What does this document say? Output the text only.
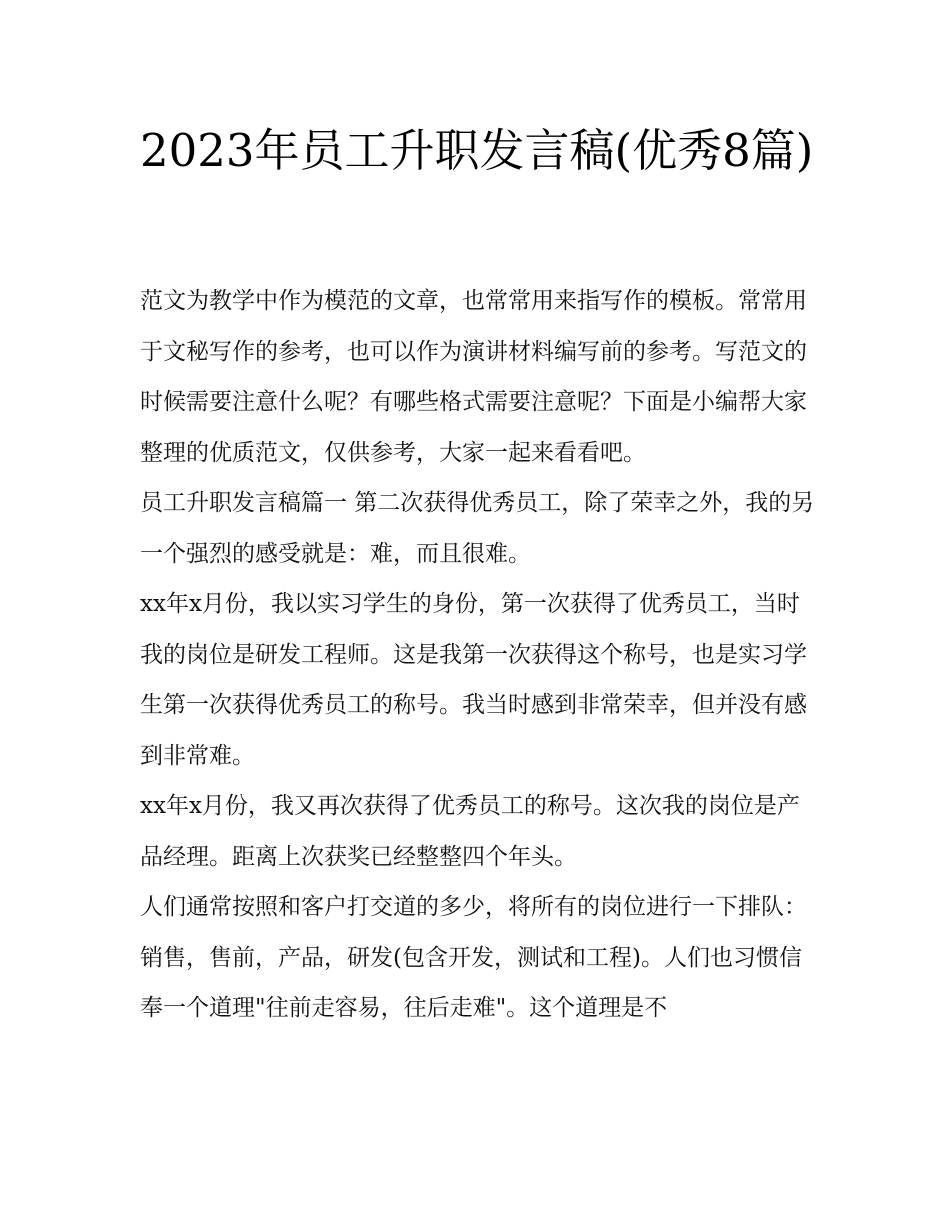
2023年员工升职发言稿(优秀8篇)

范文为教学中作为模范的文章，也常常用来指写作的模板。常常用于文秘写作的参考，也可以作为演讲材料编写前的参考。写范文的时候需要注意什么呢？有哪些格式需要注意呢？下面是小编帮大家整理的优质范文，仅供参考，大家一起来看看吧。

员工升职发言稿篇一 第二次获得优秀员工，除了荣幸之外，我的另一个强烈的感受就是：难，而且很难。

xx年x月份，我以实习学生的身份，第一次获得了优秀员工，当时我的岗位是研发工程师。这是我第一次获得这个称号，也是实习学生第一次获得优秀员工的称号。我当时感到非常荣幸，但并没有感到非常难。

xx年x月份，我又再次获得了优秀员工的称号。这次我的岗位是产品经理。距离上次获奖已经整整四个年头。

人们通常按照和客户打交道的多少，将所有的岗位进行一下排队：销售，售前，产品，研发(包含开发，测试和工程)。人们也习惯信奉一个道理"往前走容易，往后走难"。这个道理是不
